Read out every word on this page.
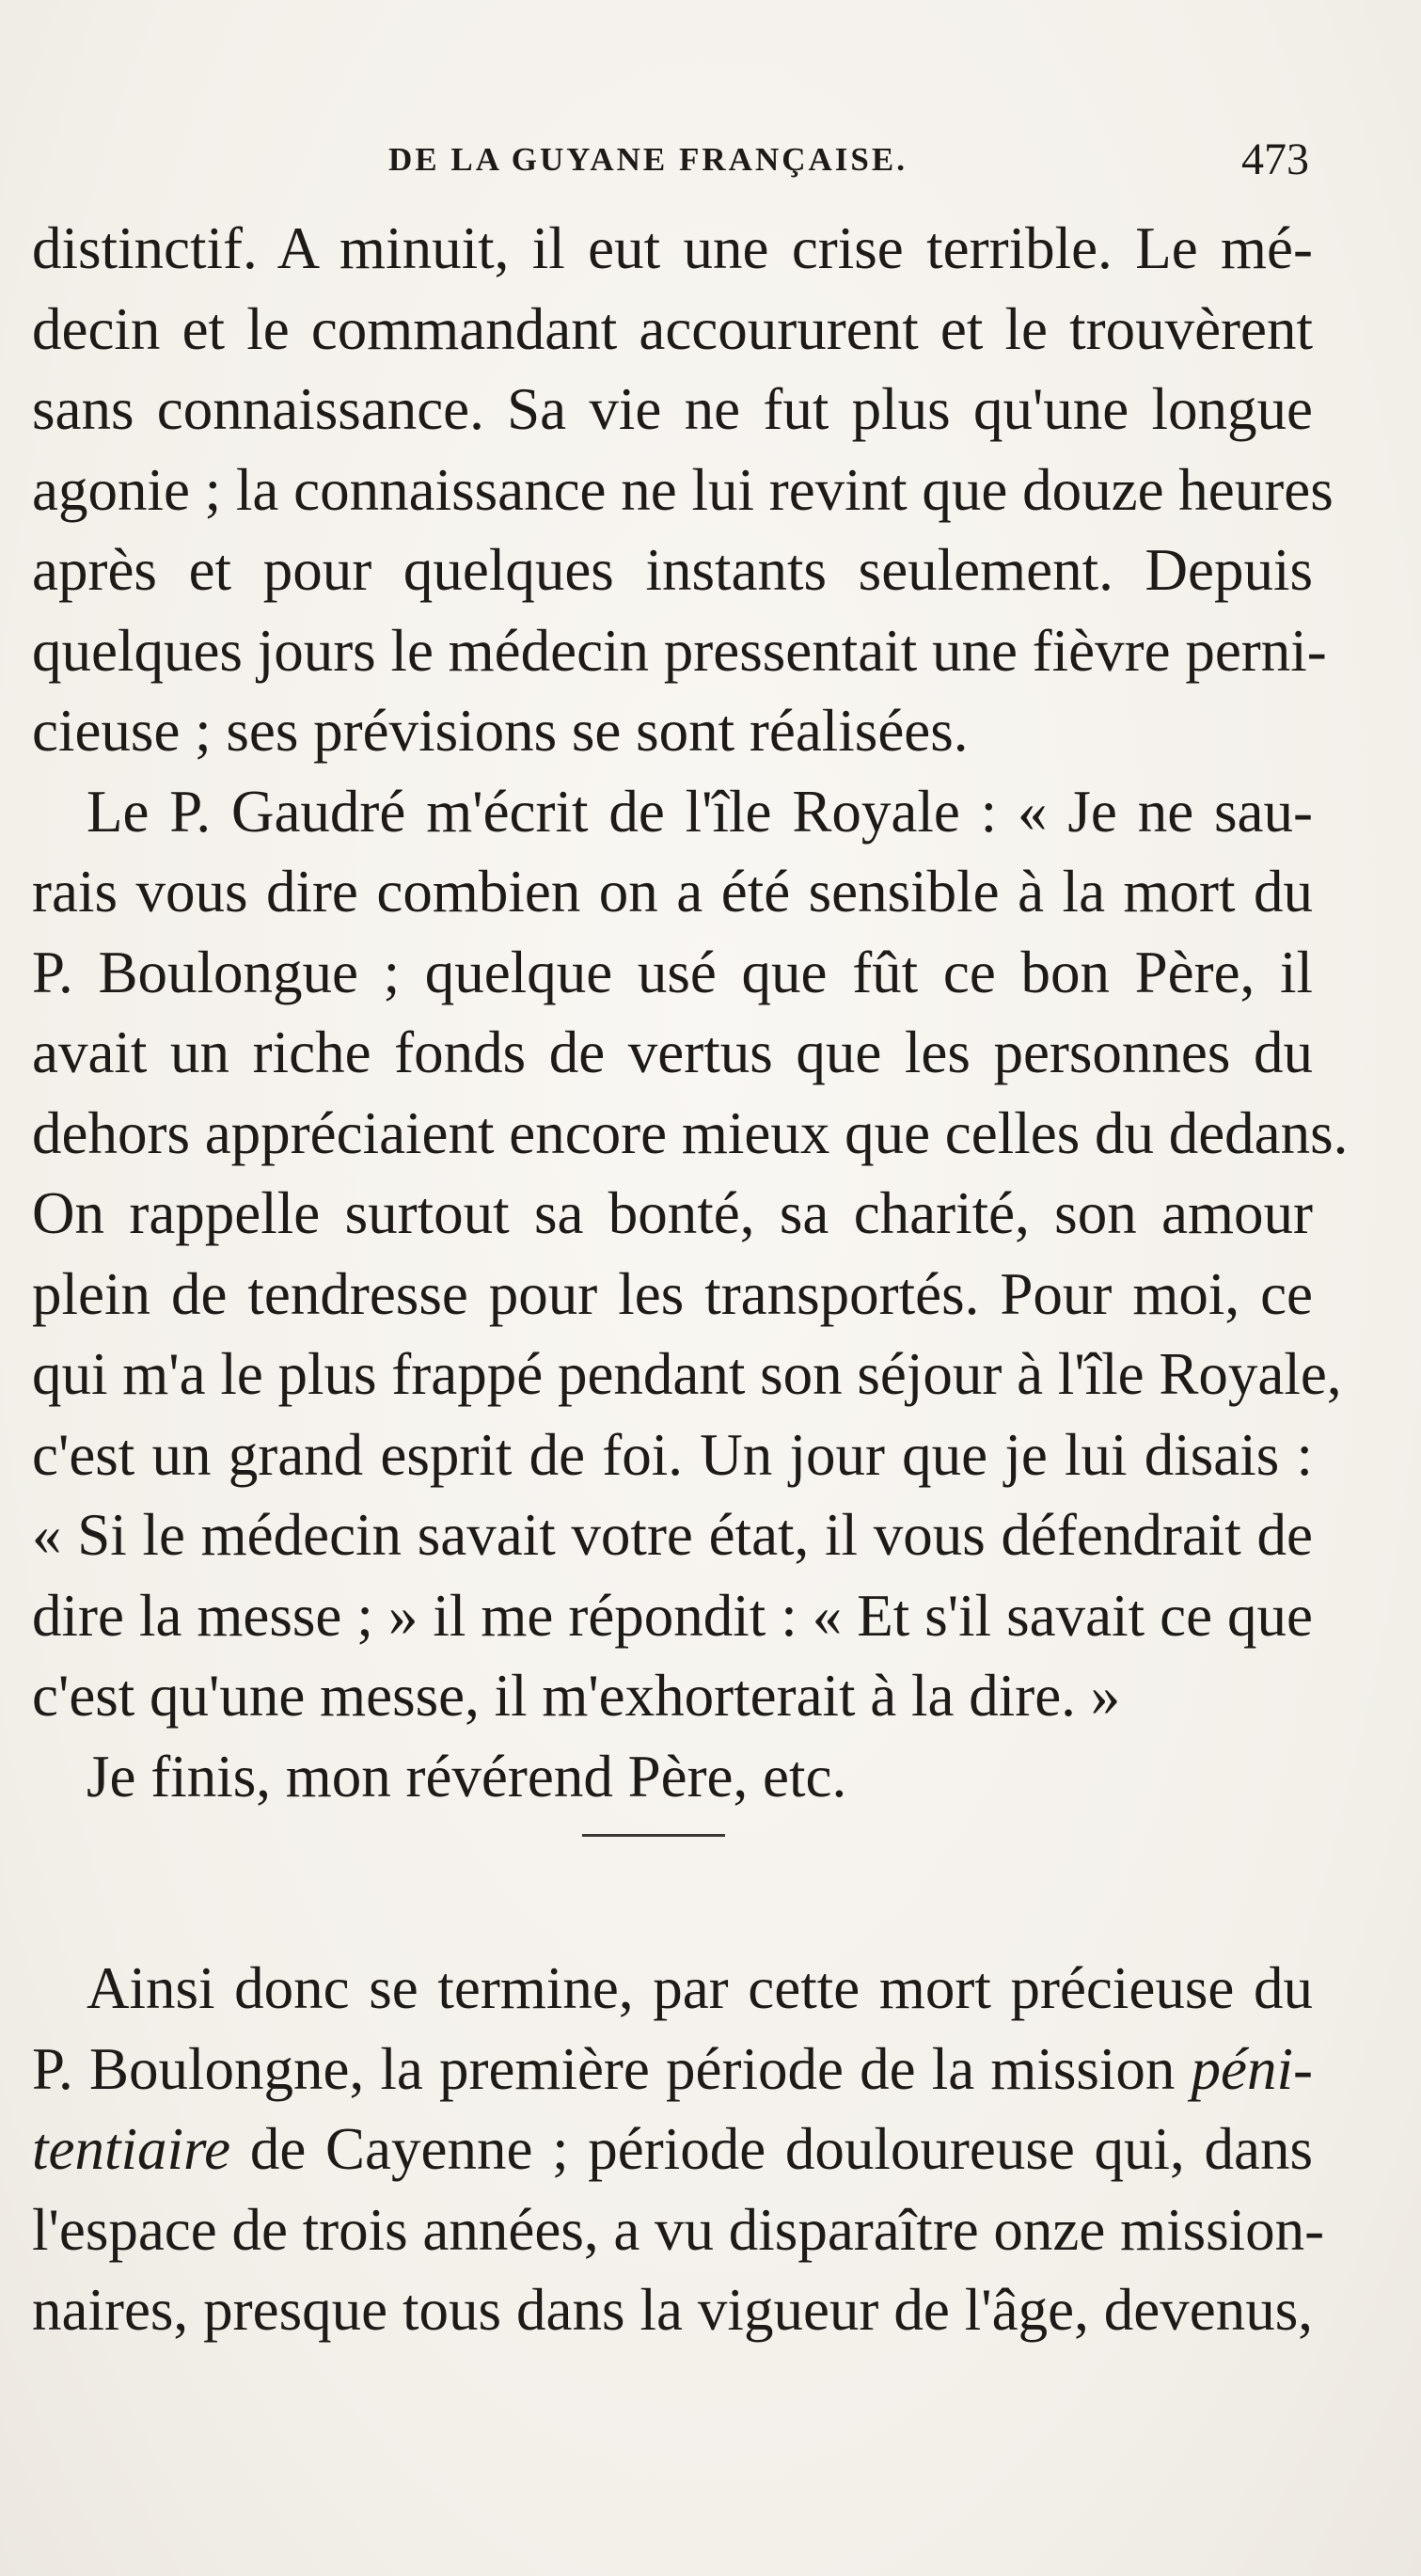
DE LA GUYANE FRANÇAISE.	473
distinctif. A minuit, il eut une crise terrible. Le mé-
decin et le commandant accoururent et le trouvèrent
sans connaissance. Sa vie ne fut plus qu'une longue
agonie ; la connaissance ne lui revint que douze heures
après et pour quelques instants seulement. Depuis
quelques jours le médecin pressentait une fièvre perni-
cieuse ; ses prévisions se sont réalisées.
Le P. Gaudré m'écrit de l'île Royale : « Je ne sau-
rais vous dire combien on a été sensible à la mort du
P. Boulongue ; quelque usé que fût ce bon Père, il
avait un riche fonds de vertus que les personnes du
dehors appréciaient encore mieux que celles du dedans.
On rappelle surtout sa bonté, sa charité, son amour
plein de tendresse pour les transportés. Pour moi, ce
qui m'a le plus frappé pendant son séjour à l'île Royale,
c'est un grand esprit de foi. Un jour que je lui disais :
« Si le médecin savait votre état, il vous défendrait de
dire la messe ; » il me répondit : « Et s'il savait ce que
c'est qu'une messe, il m'exhorterait à la dire. »
Je finis, mon révérend Père, etc.
Ainsi donc se termine, par cette mort précieuse du
P. Boulongne, la première période de la mission péni-
tentiaire de Cayenne ; période douloureuse qui, dans
l'espace de trois années, a vu disparaître onze mission-
naires, presque tous dans la vigueur de l'âge, devenus,
